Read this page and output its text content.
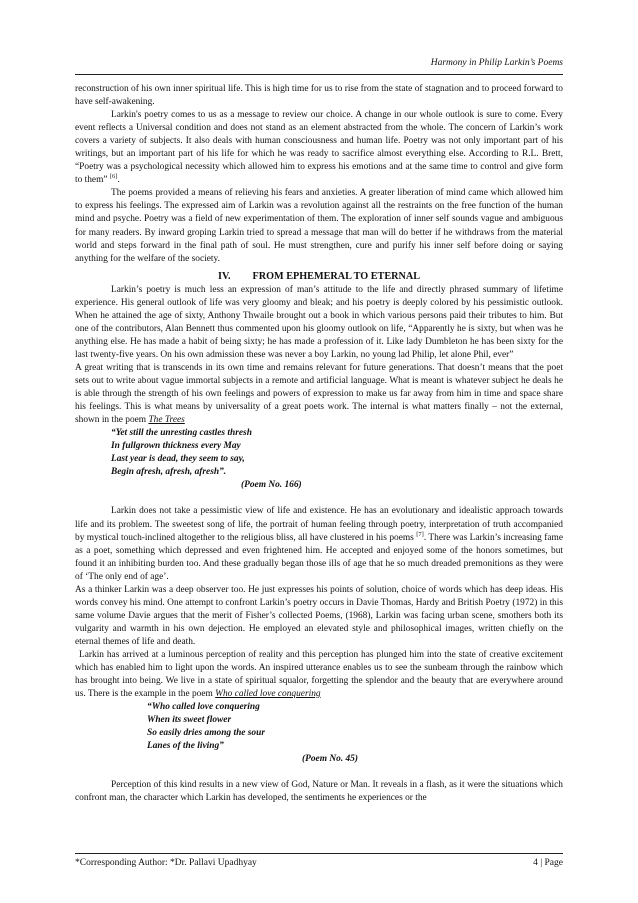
Harmony in Philip Larkin’s Poems

reconstruction of his own inner spiritual life. This is high time for us to rise from the state of stagnation and to proceed forward to have self-awakening.

Larkin's poetry comes to us as a message to review our choice. A change in our whole outlook is sure to come. Every event reflects a Universal condition and does not stand as an element abstracted from the whole. The concern of Larkin’s work covers a variety of subjects. It also deals with human consciousness and human life. Poetry was not only important part of his writings, but an important part of his life for which he was ready to sacrifice almost everything else. According to R.L. Brett, “Poetry was a psychological necessity which allowed him to express his emotions and at the same time to control and give form to them” [6].

The poems provided a means of relieving his fears and anxieties. A greater liberation of mind came which allowed him to express his feelings. The expressed aim of Larkin was a revolution against all the restraints on the free function of the human mind and psyche. Poetry was a field of new experimentation of them. The exploration of inner self sounds vague and ambiguous for many readers. By inward groping Larkin tried to spread a message that man will do better if he withdraws from the material world and steps forward in the final path of soul. He must strengthen, cure and purify his inner self before doing or saying anything for the welfare of the society.

IV. FROM EPHEMERAL TO ETERNAL

Larkin’s poetry is much less an expression of man’s attitude to the life and directly phrased summary of lifetime experience. His general outlook of life was very gloomy and bleak; and his poetry is deeply colored by his pessimistic outlook. When he attained the age of sixty, Anthony Thwaile brought out a book in which various persons paid their tributes to him. But one of the contributors, Alan Bennett thus commented upon his gloomy outlook on life, “Apparently he is sixty, but when was he anything else. He has made a habit of being sixty; he has made a profession of it. Like lady Dumbleton he has been sixty for the last twenty-five years. On his own admission these was never a boy Larkin, no young lad Philip, let alone Phil, ever”

A great writing that is transcends in its own time and remains relevant for future generations. That doesn’t means that the poet sets out to write about vague immortal subjects in a remote and artificial language. What is meant is whatever subject he deals he is able through the strength of his own feelings and powers of expression to make us far away from him in time and space share his feelings. This is what means by universality of a great poets work. The internal is what matters finally – not the external, shown in the poem The Trees

“Yet still the unresting castles thresh
In fullgrown thickness every May
Last year is dead, they seem to say,
Begin afresh, afresh, afresh”.
(Poem No. 166)

Larkin does not take a pessimistic view of life and existence. He has an evolutionary and idealistic approach towards life and its problem. The sweetest song of life, the portrait of human feeling through poetry, interpretation of truth accompanied by mystical touch-inclined altogether to the religious bliss, all have clustered in his poems [7]. There was Larkin’s increasing fame as a poet, something which depressed and even frightened him. He accepted and enjoyed some of the honors sometimes, but found it an inhibiting burden too. And these gradually began those ills of age that he so much dreaded premonitions as they were of ‘The only end of age’.

As a thinker Larkin was a deep observer too. He just expresses his points of solution, choice of words which has deep ideas. His words convey his mind. One attempt to confront Larkin’s poetry occurs in Davie Thomas, Hardy and British Poetry (1972) in this same volume Davie argues that the merit of Fisher’s collected Poems, (1968), Larkin was facing urban scene, smothers both its vulgarity and warmth in his own dejection. He employed an elevated style and philosophical images, written chiefly on the eternal themes of life and death.

Larkin has arrived at a luminous perception of reality and this perception has plunged him into the state of creative excitement which has enabled him to light upon the words. An inspired utterance enables us to see the sunbeam through the rainbow which has brought into being. We live in a state of spiritual squalor, forgetting the splendor and the beauty that are everywhere around us. There is the example in the poem Who called love conquering

“Who called love conquering
When its sweet flower
So easily dries among the sour
Lanes of the living”
(Poem No. 45)

Perception of this kind results in a new view of God, Nature or Man. It reveals in a flash, as it were the situations which confront man, the character which Larkin has developed, the sentiments he experiences or the

*Corresponding Author: *Dr. Pallavi Upadhyay	4 | Page
